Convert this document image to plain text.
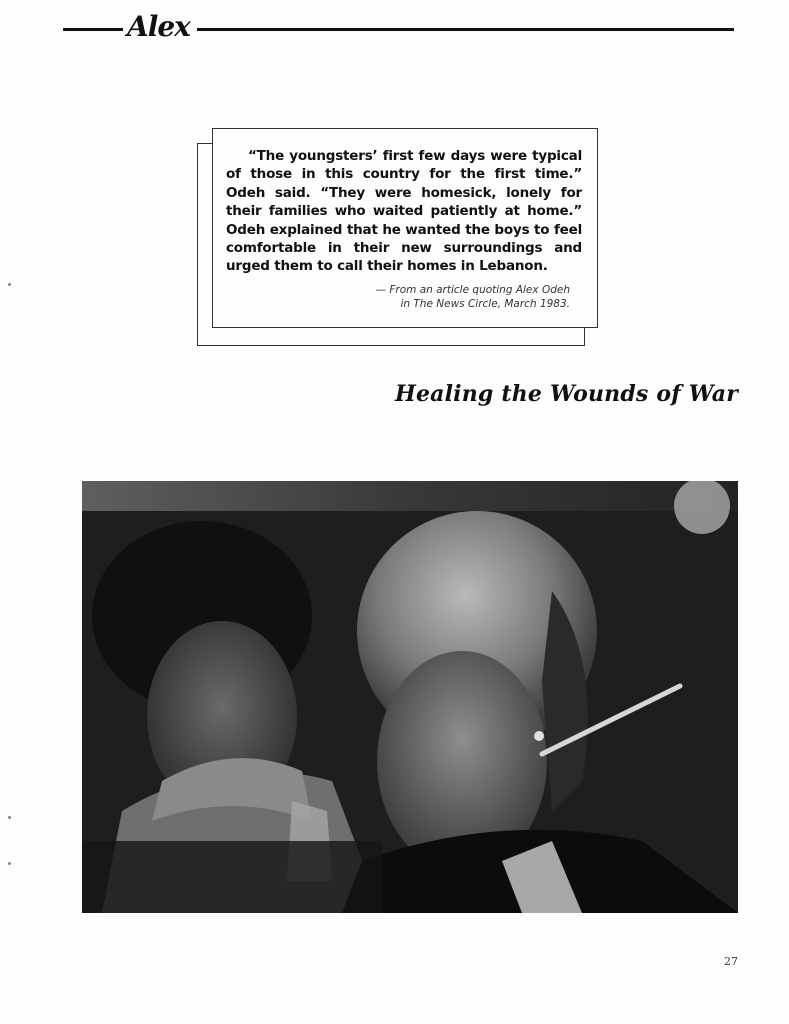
Alex

“The youngsters’ first few days were typical of those in this country for the first time.” Odeh said. “They were homesick, lonely for their families who waited patiently at home.” Odeh explained that he wanted the boys to feel comfortable in their new surroundings and urged them to call their homes in Lebanon.

— From an article quoting Alex Odeh
in The News Circle, March 1983.
Healing the Wounds of War
27
